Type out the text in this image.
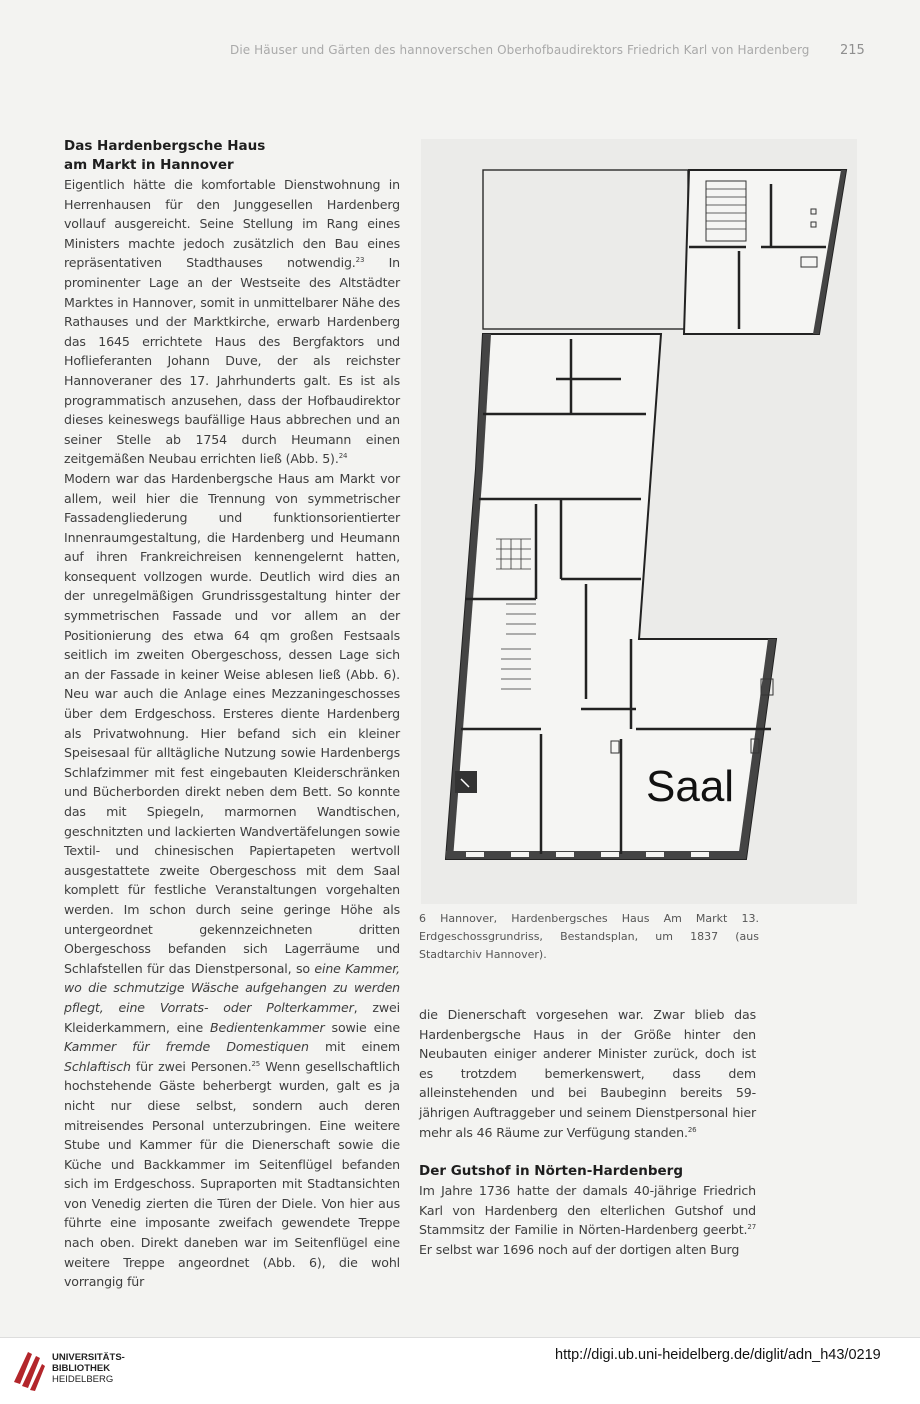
Die Häuser und Gärten des hannoverschen Oberhofbaudirektors Friedrich Karl von Hardenberg	215
Das Hardenbergsche Haus
am Markt in Hannover

Eigentlich hätte die komfortable Dienstwohnung in Herrenhausen für den Junggesellen Hardenberg vollauf ausgereicht. Seine Stellung im Rang eines Ministers machte jedoch zusätzlich den Bau eines repräsentativen Stadthauses notwendig.$^{23}$ In prominenter Lage an der Westseite des Altstädter Marktes in Hannover, somit in unmittelbarer Nähe des Rathauses und der Marktkirche, erwarb Hardenberg das 1645 errichtete Haus des Bergfaktors und Hoflieferanten Johann Duve, der als reichster Hannoveraner des 17. Jahrhunderts galt. Es ist als programmatisch anzusehen, dass der Hofbaudirektor dieses keineswegs baufällige Haus abbrechen und an seiner Stelle ab 1754 durch Heumann einen zeitgemäßen Neubau errichten ließ (Abb. 5).$^{24}$

Modern war das Hardenbergsche Haus am Markt vor allem, weil hier die Trennung von symmetrischer Fassadengliederung und funktionsorientierter Innenraumgestaltung, die Hardenberg und Heumann auf ihren Frankreichreisen kennengelernt hatten, konsequent vollzogen wurde. Deutlich wird dies an der unregelmäßigen Grundrissgestaltung hinter der symmetrischen Fassade und vor allem an der Positionierung des etwa 64 qm großen Festsaals seitlich im zweiten Obergeschoss, dessen Lage sich an der Fassade in keiner Weise ablesen ließ (Abb. 6). Neu war auch die Anlage eines Mezzaningeschosses über dem Erdgeschoss. Ersteres diente Hardenberg als Privatwohnung. Hier befand sich ein kleiner Speisesaal für alltägliche Nutzung sowie Hardenbergs Schlafzimmer mit fest eingebauten Kleiderschränken und Bücherborden direkt neben dem Bett. So konnte das mit Spiegeln, marmornen Wandtischen, geschnitzten und lackierten Wandvertäfelungen sowie Textil- und chinesischen Papiertapeten wertvoll ausgestattete zweite Obergeschoss mit dem Saal komplett für festliche Veranstaltungen vorgehalten werden. Im schon durch seine geringe Höhe als untergeordnet gekennzeichneten dritten Obergeschoss befanden sich Lagerräume und Schlafstellen für das Dienstpersonal, so eine Kammer, wo die schmutzige Wäsche aufgehangen zu werden pflegt, eine Vorrats- oder Polterkammer, zwei Kleiderkammern, eine Bedientenkammer sowie eine Kammer für fremde Domestiquen mit einem Schlaftisch für zwei Personen.$^{25}$ Wenn gesellschaftlich hochstehende Gäste beherbergt wurden, galt es ja nicht nur diese selbst, sondern auch deren mitreisendes Personal unterzubringen. Eine weitere Stube und Kammer für die Dienerschaft sowie die Küche und Backkammer im Seitenflügel befanden sich im Erdgeschoss. Supraporten mit Stadtansichten von Venedig zierten die Türen der Diele. Von hier aus führte eine imposante zweifach gewendete Treppe nach oben. Direkt daneben war im Seitenflügel eine weitere Treppe angeordnet (Abb. 6), die wohl vorrangig für

Saal
6 Hannover, Hardenbergsches Haus Am Markt 13. Erdgeschossgrundriss, Bestandsplan, um 1837 (aus Stadtarchiv Hannover).

die Dienerschaft vorgesehen war. Zwar blieb das Hardenbergsche Haus in der Größe hinter den Neubauten einiger anderer Minister zurück, doch ist es trotzdem bemerkenswert, dass dem alleinstehenden und bei Baubeginn bereits 59-jährigen Auftraggeber und seinem Dienstpersonal hier mehr als 46 Räume zur Verfügung standen.$^{26}$

Der Gutshof in Nörten-Hardenberg

Im Jahre 1736 hatte der damals 40-jährige Friedrich Karl von Hardenberg den elterlichen Gutshof und Stammsitz der Familie in Nörten-Hardenberg geerbt.$^{27}$ Er selbst war 1696 noch auf der dortigen alten Burg

UNIVERSITÄTS-
BIBLIOTHEK
HEIDELBERG
http://digi.ub.uni-heidelberg.de/diglit/adn_h43/0219
